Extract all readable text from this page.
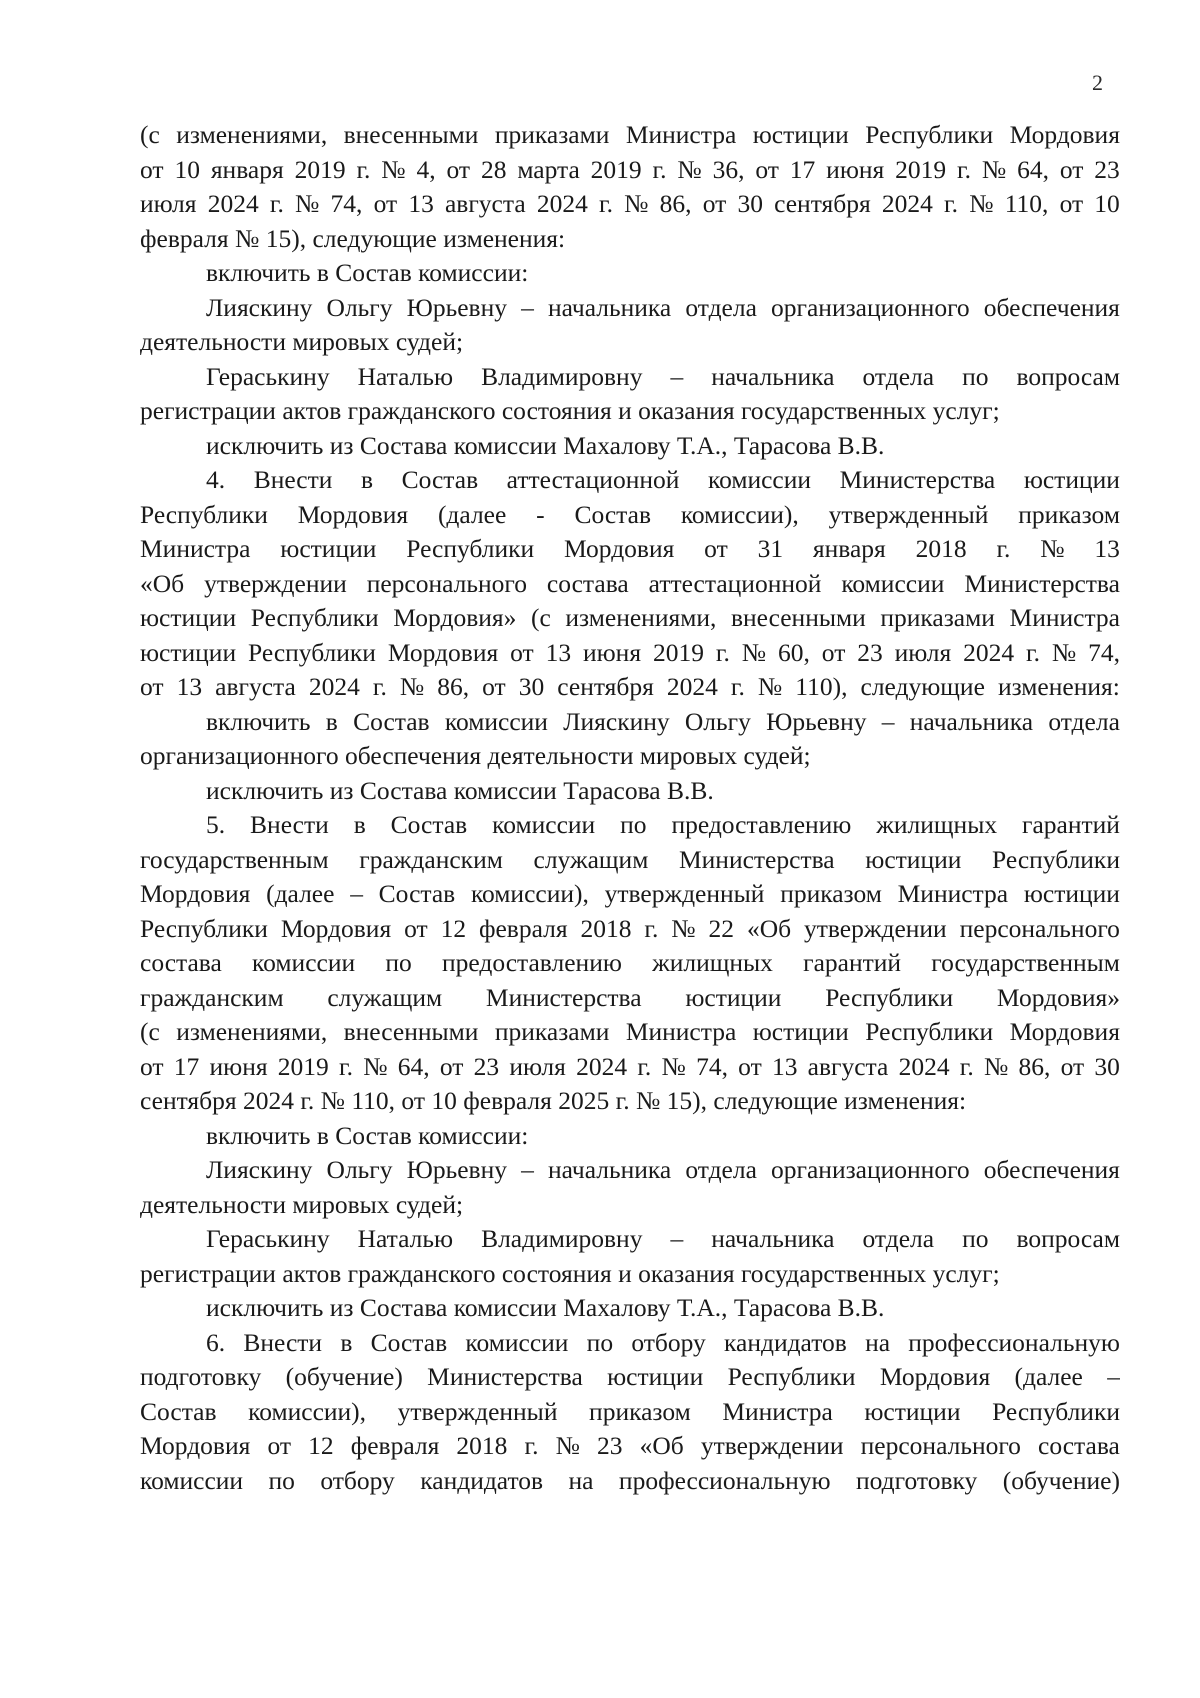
2
(с изменениями, внесенными приказами Министра юстиции Республики Мордовия
от 10 января 2019 г. № 4, от 28 марта 2019 г. № 36, от 17 июня 2019 г. № 64, от 23
июля 2024 г. № 74, от 13 августа 2024 г. № 86, от 30 сентября 2024 г. № 110, от 10
февраля № 15), следующие изменения:
включить в Состав комиссии:
Лияскину Ольгу Юрьевну – начальника отдела организационного обеспечения
деятельности мировых судей;
Гераськину Наталью Владимировну – начальника отдела по вопросам
регистрации актов гражданского состояния и оказания государственных услуг;
исключить из Состава комиссии Махалову Т.А., Тарасова В.В.
4. Внести в Состав аттестационной комиссии Министерства юстиции
Республики Мордовия (далее - Состав комиссии), утвержденный приказом
Министра юстиции Республики Мордовия от 31 января 2018 г. № 13
«Об утверждении персонального состава аттестационной комиссии Министерства
юстиции Республики Мордовия» (с изменениями, внесенными приказами Министра
юстиции Республики Мордовия от 13 июня 2019 г. № 60, от 23 июля 2024 г. № 74,
от 13 августа 2024 г. № 86, от 30 сентября 2024 г. № 110), следующие изменения:
включить в Состав комиссии Лияскину Ольгу Юрьевну – начальника отдела
организационного обеспечения деятельности мировых судей;
исключить из Состава комиссии Тарасова В.В.
5. Внести в Состав комиссии по предоставлению жилищных гарантий
государственным гражданским служащим Министерства юстиции Республики
Мордовия (далее – Состав комиссии), утвержденный приказом Министра юстиции
Республики Мордовия от 12 февраля 2018 г. № 22 «Об утверждении персонального
состава комиссии по предоставлению жилищных гарантий государственным
гражданским служащим Министерства юстиции Республики Мордовия»
(с изменениями, внесенными приказами Министра юстиции Республики Мордовия
от 17 июня 2019 г. № 64, от 23 июля 2024 г. № 74, от 13 августа 2024 г. № 86, от 30
сентября 2024 г. № 110, от 10 февраля 2025 г. № 15), следующие изменения:
включить в Состав комиссии:
Лияскину Ольгу Юрьевну – начальника отдела организационного обеспечения
деятельности мировых судей;
Гераськину Наталью Владимировну – начальника отдела по вопросам
регистрации актов гражданского состояния и оказания государственных услуг;
исключить из Состава комиссии Махалову Т.А., Тарасова В.В.
6. Внести в Состав комиссии по отбору кандидатов на профессиональную
подготовку (обучение) Министерства юстиции Республики Мордовия (далее –
Состав комиссии), утвержденный приказом Министра юстиции Республики
Мордовия от 12 февраля 2018 г. № 23 «Об утверждении персонального состава
комиссии по отбору кандидатов на профессиональную подготовку (обучение)
